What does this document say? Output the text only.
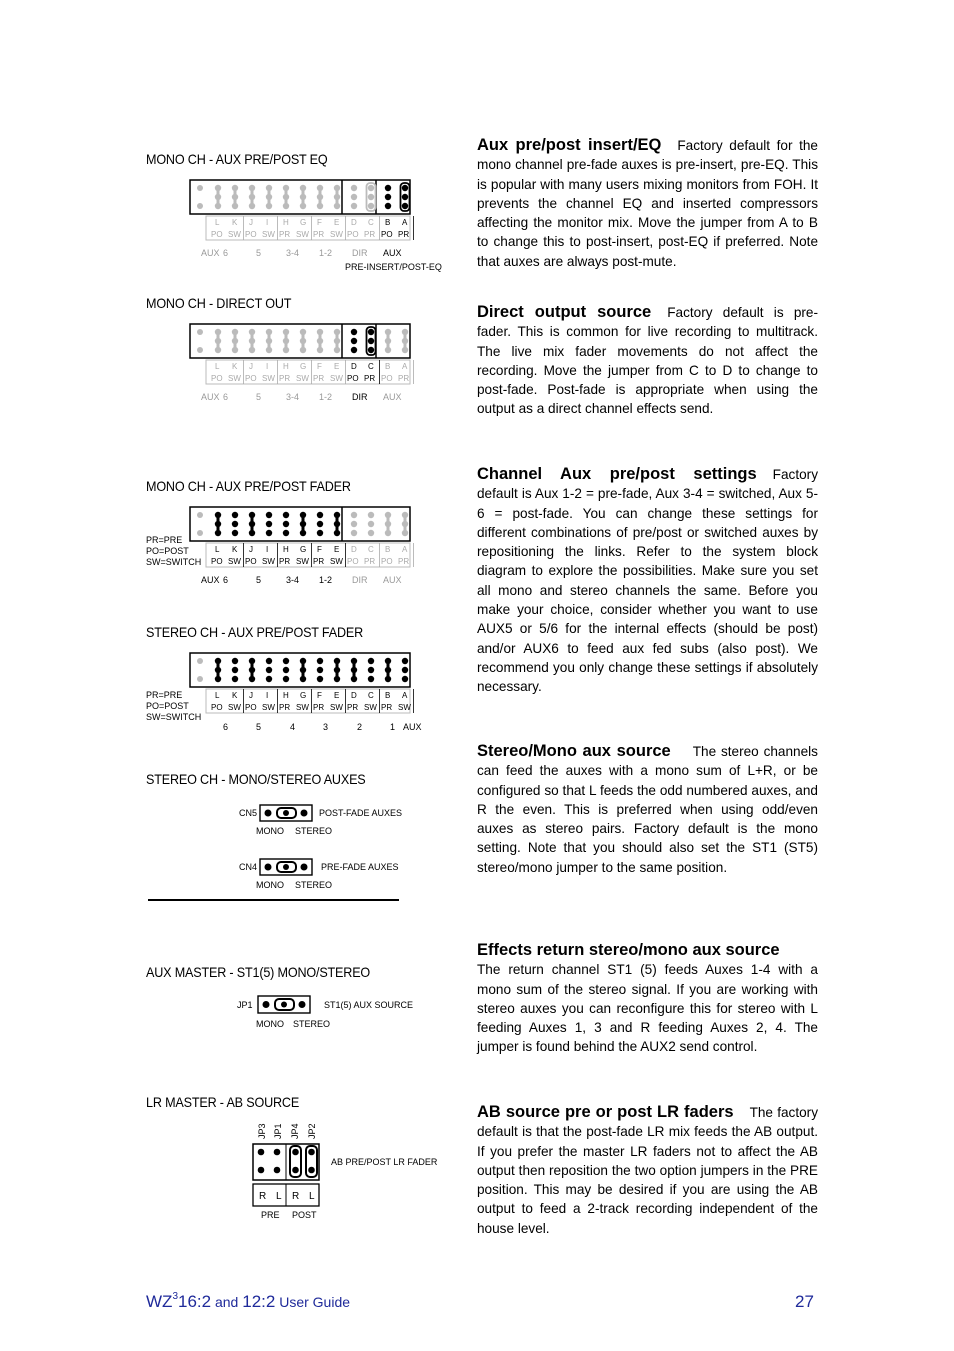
MONO CH - AUX PRE/POST EQ
MONO CH - DIRECT OUT
MONO CH - AUX PRE/POST FADER
STEREO CH - AUX PRE/POST FADER
STEREO CH - MONO/STEREO AUXES
AUX MASTER - ST1(5) MONO/STEREO
LR MASTER - AB SOURCE
L
PO
K
SW
J
PO
I
SW
H
PR
G
SW
F
PR
E
SW
D
PO
C
PR
B
PO
A
PR
AUX 6	5	3-4 1-2 DIR AUX
PRE-INSERT/POST-EQ
L
PO
K
SW
J
PO
I
SW
H
PR
G
SW
F
PR
E
SW
D
PO
C
PR
B
PO
A
PR
AUX 6	5	3-4 1-2 DIR AUX
PR=PRE
PO=POST
SW=SWITCH
L
PO
K
SW
J
PO
I
SW
H
PR
G
SW
F
PR
E
SW
D
PO
C
PR
B
PO
A
PR
AUX 6	5	3-4 1-2 DIR AUX
PR=PRE
PO=POST
SW=SWITCH
L
PO
K
SW
J
PO
I
SW
H
PR
G
SW
F
PR
E
SW
D
PR
C
SW
B
PR
A
SW
6	5	4	3	2	1 AUX
CN5	POST-FADE AUXES
MONO STEREO
CN4	PRE-FADE AUXES
MONO STEREO
JP1	ST1(5) AUX SOURCE
MONO STEREO
JP3 JP1 JP4 JP2
AB PRE/POST LR FADER
R L R L
PRE POST
Aux pre/post insert/EQ Factory default for the mono channel pre-fade auxes is pre-insert, pre-EQ. This is popular with many users mixing monitors from FOH. It prevents the channel EQ and inserted compressors affecting the monitor mix. Move the jumper from A to B to change this to post-insert, post-EQ if preferred. Note that auxes are always post-mute.
Direct output source Factory default is pre-fader. This is common for live recording to multitrack. The live mix fader movements do not affect the recording. Move the jumper from C to D to change to post-fade. Post-fade is appropriate when using the output as a direct channel effects send.
Channel Aux pre/post settings Factory default is Aux 1-2 = pre-fade, Aux 3-4 = switched, Aux 5-6 = post-fade. You can change these settings for different combinations of pre/post or switched auxes by repositioning the links. Refer to the system block diagram to explore the possibilities. Make sure you set all mono and stereo channels the same. Before you make your choice, consider whether you want to use AUX5 or 5/6 for the internal effects (should be post) and/or AUX6 to feed aux fed subs (also post). We recommend you only change these settings if absolutely necessary.
Stereo/Mono aux source The stereo channels can feed the auxes with a mono sum of L+R, or be configured so that L feeds the odd numbered auxes, and R the even. This is preferred when using odd/even auxes as stereo pairs. Factory default is the mono setting. Note that you should also set the ST1 (ST5) stereo/mono jumper to the same position.
Effects return stereo/mono aux source
The return channel ST1 (5) feeds Auxes 1-4 with a mono sum of the stereo signal. If you are working with stereo auxes you can reconfigure this for stereo with L feeding Auxes 1, 3 and R feeding Auxes 2, 4. The jumper is found behind the AUX2 send control.
AB source pre or post LR faders The factory default is that the post-fade LR mix feeds the AB output. If you prefer the master LR faders not to affect the AB output then reposition the two option jumpers in the PRE position. This may be desired if you are using the AB output to feed a 2-track recording independent of the house level.
$WZ^316:2$ and 12:2 User Guide	27
